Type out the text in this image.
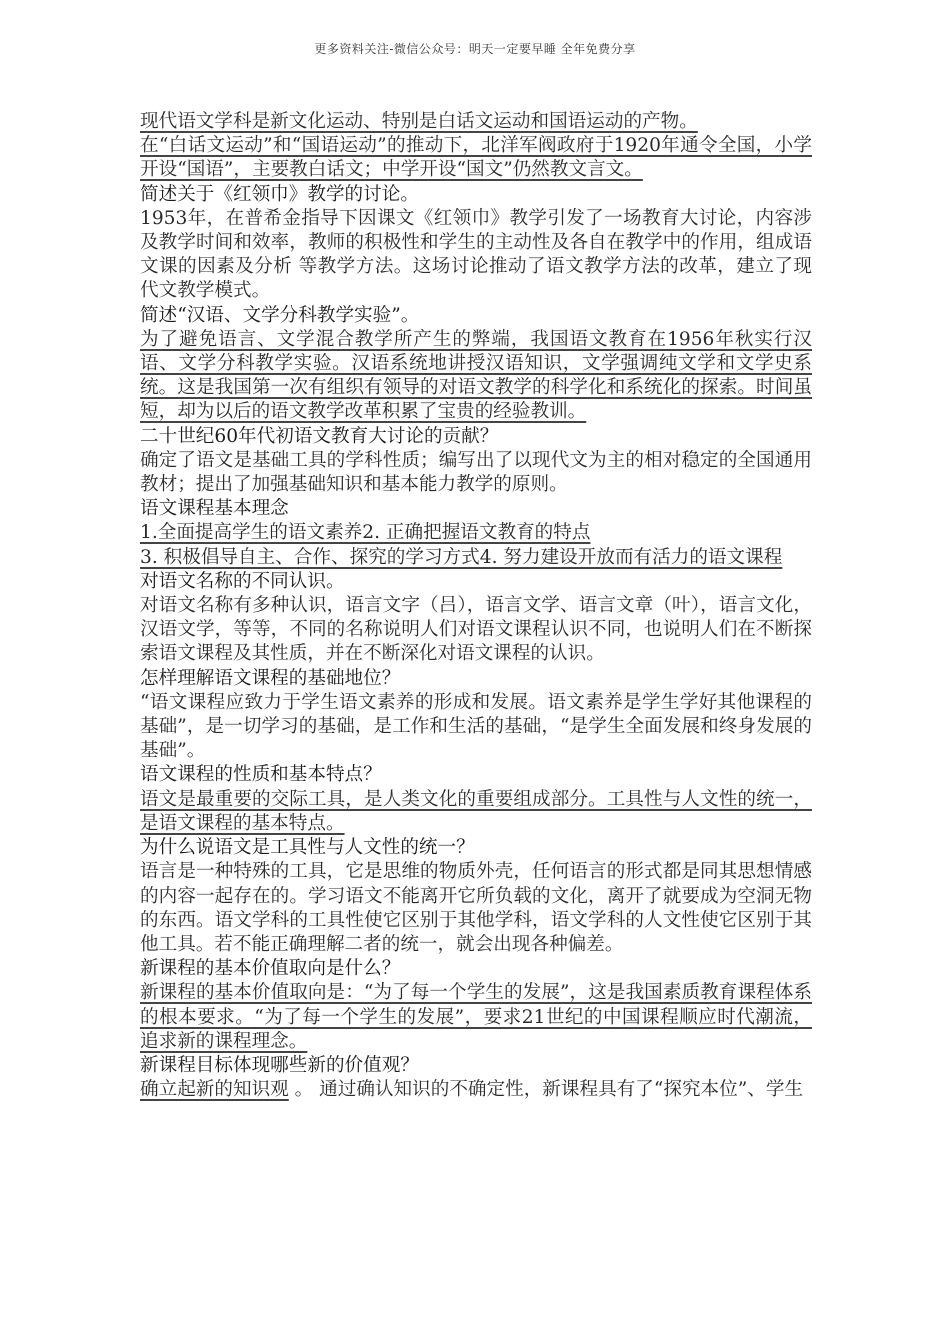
更多资料关注-微信公众号：明天一定要早睡 全年免费分享

现代语文学科是新文化运动、特别是白话文运动和国语运动的产物。

在“白话文运动”和“国语运动”的推动下，北洋军阀政府于1920年通令全国，小学开设“国语”，主要教白话文；中学开设“国文”仍然教文言文。

简述关于《红领巾》教学的讨论。

1953年，在普希金指导下因课文《红领巾》教学引发了一场教育大讨论，内容涉及教学时间和效率，教师的积极性和学生的主动性及各自在教学中的作用，组成语文课的因素及分析 等教学方法。这场讨论推动了语文教学方法的改革，建立了现代文教学模式。

简述“汉语、文学分科教学实验”。

为了避免语言、文学混合教学所产生的弊端，我国语文教育在1956年秋实行汉语、文学分科教学实验。汉语系统地讲授汉语知识，文学强调纯文学和文学史系统。这是我国第一次有组织有领导的对语文教学的科学化和系统化的探索。时间虽短，却为以后的语文教学改革积累了宝贵的经验教训。

二十世纪60年代初语文教育大讨论的贡献？

确定了语文是基础工具的学科性质；编写出了以现代文为主的相对稳定的全国通用教材；提出了加强基础知识和基本能力教学的原则。

语文课程基本理念

1.全面提高学生的语文素养2. 正确把握语文教育的特点

3. 积极倡导自主、合作、探究的学习方式4. 努力建设开放而有活力的语文课程

对语文名称的不同认识。

对语文名称有多种认识，语言文字（吕），语言文学、语言文章（叶），语言文化，汉语文学，等等，不同的名称说明人们对语文课程认识不同，也说明人们在不断探索语文课程及其性质，并在不断深化对语文课程的认识。

怎样理解语文课程的基础地位？

“语文课程应致力于学生语文素养的形成和发展。语文素养是学生学好其他课程的基础”，是一切学习的基础，是工作和生活的基础，“是学生全面发展和终身发展的基础”。

语文课程的性质和基本特点？

语文是最重要的交际工具，是人类文化的重要组成部分。工具性与人文性的统一，是语文课程的基本特点。

为什么说语文是工具性与人文性的统一？

语言是一种特殊的工具，它是思维的物质外壳，任何语言的形式都是同其思想情感的内容一起存在的。学习语文不能离开它所负载的文化，离开了就要成为空洞无物的东西。语文学科的工具性使它区别于其他学科，语文学科的人文性使它区别于其他工具。若不能正确理解二者的统一，就会出现各种偏差。

新课程的基本价值取向是什么？

新课程的基本价值取向是：“为了每一个学生的发展”，这是我国素质教育课程体系的根本要求。“为了每一个学生的发展”，要求21世纪的中国课程顺应时代潮流，追求新的课程理念。

新课程目标体现哪些新的价值观？

确立起新的知识观 。 通过确认知识的不确定性，新课程具有了“探究本位”、学生
